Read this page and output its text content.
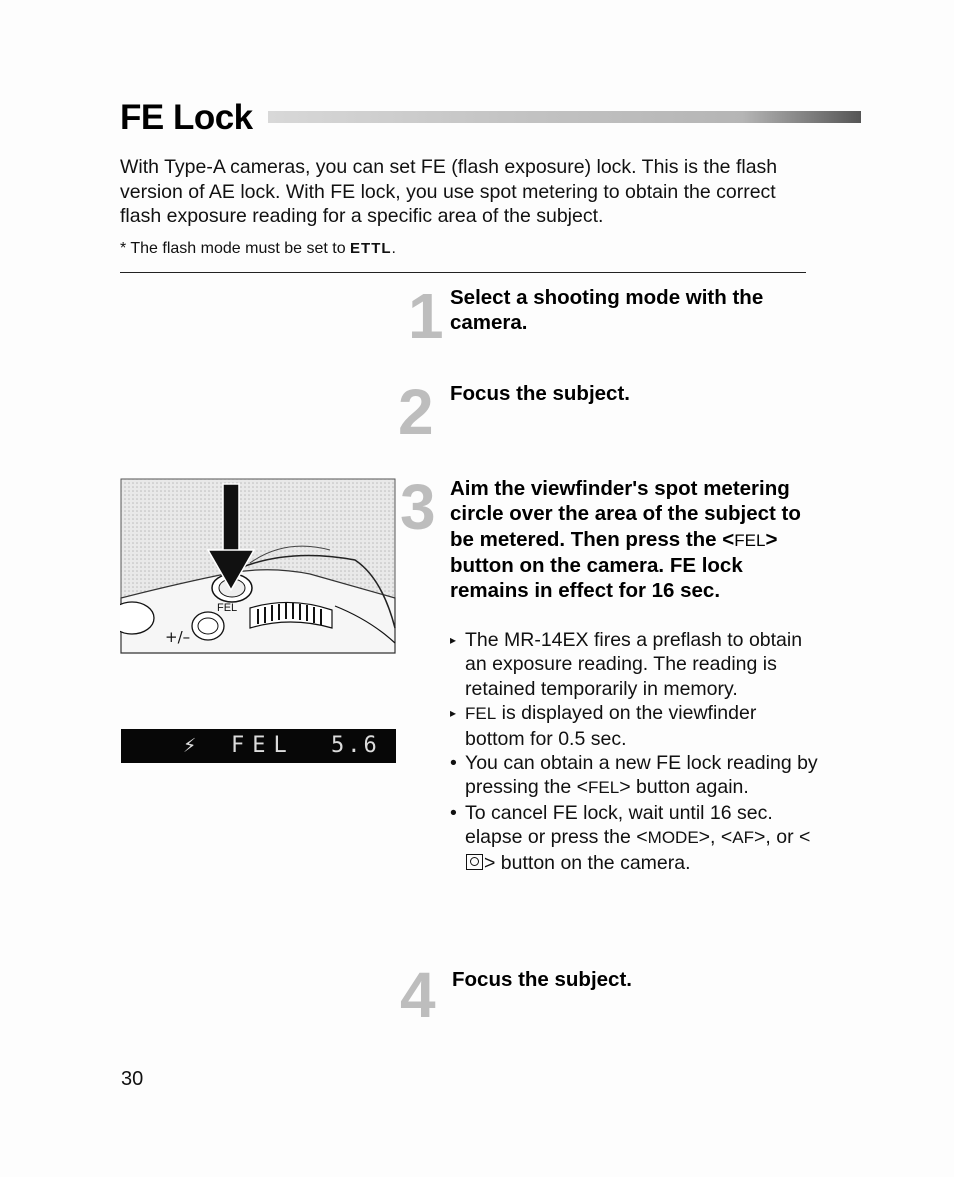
FE Lock
With Type-A cameras, you can set FE (flash exposure) lock. This is the flash version of AE lock. With FE lock, you use spot metering to obtain the correct flash exposure reading for a specific area of the subject.
* The flash mode must be set to ETTL.
1 Select a shooting mode with the camera.
2 Focus the subject.
3 Aim the viewfinder's spot metering circle over the area of the subject to be metered. Then press the <FEL> button on the camera. FE lock remains in effect for 16 sec.
▸ The MR-14EX fires a preflash to obtain an exposure reading. The reading is retained temporarily in memory.
▸ FEL is displayed on the viewfinder bottom for 0.5 sec.
• You can obtain a new FE lock reading by pressing the <FEL> button again.
• To cancel FE lock, wait until 16 sec. elapse or press the <MODE>, <AF>, or <
> button on the camera.
4 Focus the subject.
+/–
FEL
⚡ FEL 5.6
30
